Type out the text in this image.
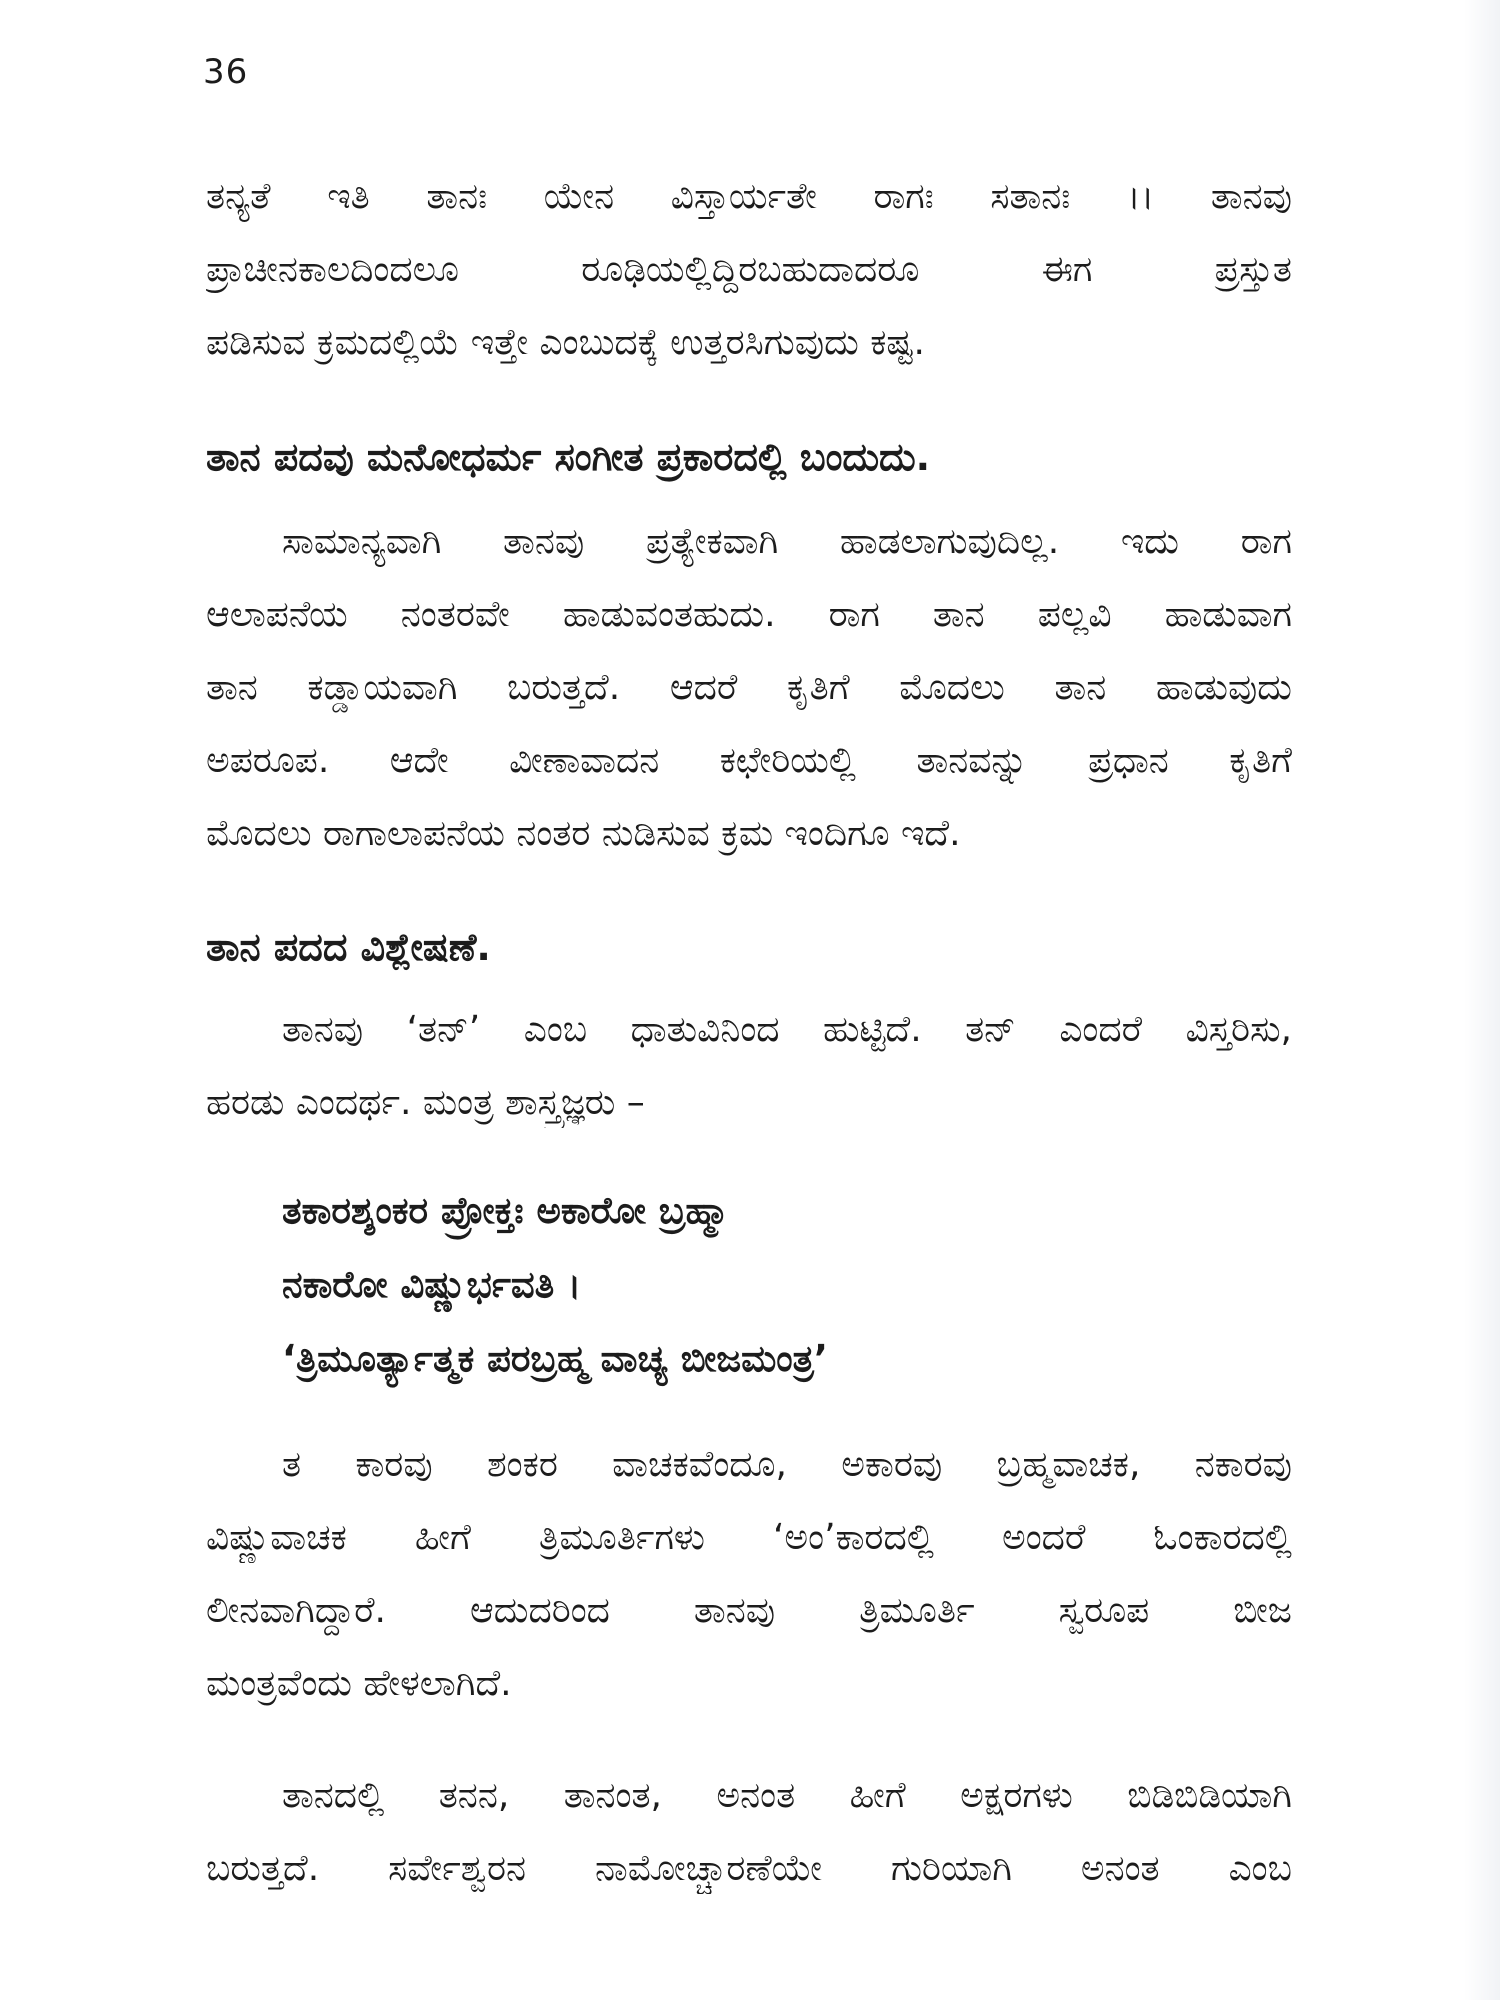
36
ತನ್ಯತೆ ಇತಿ ತಾನಃ ಯೇನ ವಿಸ್ತಾರ್ಯತೇ ರಾಗಃ ಸತಾನಃ ।। ತಾನವು
ಪ್ರಾಚೀನಕಾಲದಿಂದಲೂ ರೂಢಿಯಲ್ಲಿದ್ದಿರಬಹುದಾದರೂ ಈಗ ಪ್ರಸ್ತುತ
ಪಡಿಸುವ ಕ್ರಮದಲ್ಲಿಯೆ ಇತ್ತೇ ಎಂಬುದಕ್ಕೆ ಉತ್ತರಸಿಗುವುದು ಕಷ್ಟ.
ತಾನ ಪದವು ಮನೋಧರ್ಮ ಸಂಗೀತ ಪ್ರಕಾರದಲ್ಲಿ ಬಂದುದು.
ಸಾಮಾನ್ಯವಾಗಿ ತಾನವು ಪ್ರತ್ಯೇಕವಾಗಿ ಹಾಡಲಾಗುವುದಿಲ್ಲ. ಇದು ರಾಗ
ಆಲಾಪನೆಯ ನಂತರವೇ ಹಾಡುವಂತಹುದು. ರಾಗ ತಾನ ಪಲ್ಲವಿ ಹಾಡುವಾಗ
ತಾನ ಕಡ್ಡಾಯವಾಗಿ ಬರುತ್ತದೆ. ಆದರೆ ಕೃತಿಗೆ ಮೊದಲು ತಾನ ಹಾಡುವುದು
ಅಪರೂಪ. ಆದೇ ವೀಣಾವಾದನ ಕಛೇರಿಯಲ್ಲಿ ತಾನವನ್ನು ಪ್ರಧಾನ ಕೃತಿಗೆ
ಮೊದಲು ರಾಗಾಲಾಪನೆಯ ನಂತರ ನುಡಿಸುವ ಕ್ರಮ ಇಂದಿಗೂ ಇದೆ.
ತಾನ ಪದದ ವಿಶ್ಲೇಷಣೆ.
ತಾನವು ‘ತನ್’ ಎಂಬ ಧಾತುವಿನಿಂದ ಹುಟ್ಟಿದೆ. ತನ್ ಎಂದರೆ ವಿಸ್ತರಿಸು,
ಹರಡು ಎಂದರ್ಥ. ಮಂತ್ರ ಶಾಸ್ತ್ರಜ್ಞರು –
ತಕಾರಶ್ಶಂಕರ ಪ್ರೋಕ್ತಃ ಅಕಾರೋ ಬ್ರಹ್ಮಾ
ನಕಾರೋ ವಿಷ್ಣುರ್ಭವತಿ ।
‘ತ್ರಿಮೂರ್ತ್ಯಾತ್ಮಕ ಪರಬ್ರಹ್ಮ ವಾಚ್ಯ ಬೀಜಮಂತ್ರ’
ತ ಕಾರವು ಶಂಕರ ವಾಚಕವೆಂದೂ, ಅಕಾರವು ಬ್ರಹ್ಮವಾಚಕ, ನಕಾರವು
ವಿಷ್ಣುವಾಚಕ ಹೀಗೆ ತ್ರಿಮೂರ್ತಿಗಳು ‘ಅಂ’ಕಾರದಲ್ಲಿ ಅಂದರೆ ಓಂಕಾರದಲ್ಲಿ
ಲೀನವಾಗಿದ್ದಾರೆ. ಆದುದರಿಂದ ತಾನವು ತ್ರಿಮೂರ್ತಿ ಸ್ವರೂಪ ಬೀಜ
ಮಂತ್ರವೆಂದು ಹೇಳಲಾಗಿದೆ.
ತಾನದಲ್ಲಿ ತನನ, ತಾನಂತ, ಅನಂತ ಹೀಗೆ ಅಕ್ಷರಗಳು ಬಿಡಿಬಿಡಿಯಾಗಿ
ಬರುತ್ತದೆ. ಸರ್ವೇಶ್ವರನ ನಾಮೋಚ್ಚಾರಣೆಯೇ ಗುರಿಯಾಗಿ ಅನಂತ ಎಂಬ
